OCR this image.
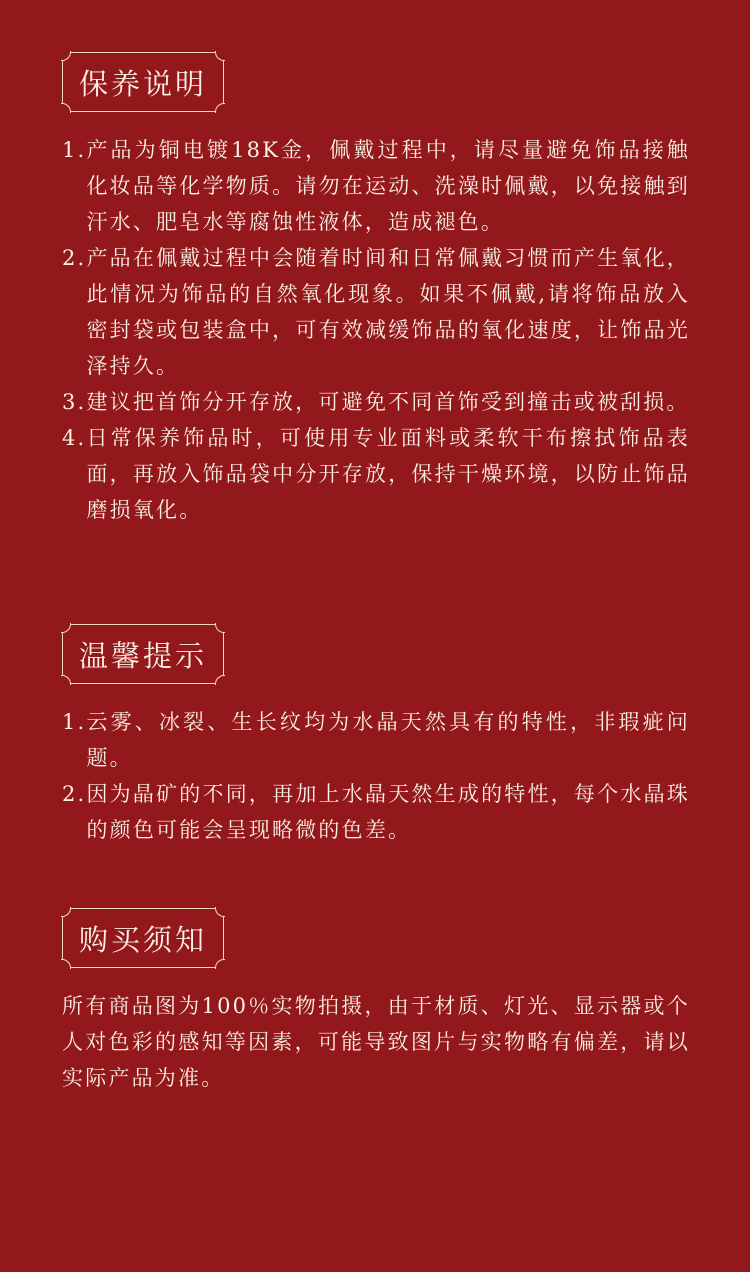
保养说明
1. 产品为铜电镀18K金，佩戴过程中，请尽量避免饰品接触化妆品等化学物质。请勿在运动、洗澡时佩戴，以免接触到汗水、肥皂水等腐蚀性液体，造成褪色。
2. 产品在佩戴过程中会随着时间和日常佩戴习惯而产生氧化，此情况为饰品的自然氧化现象。如果不佩戴,请将饰品放入密封袋或包装盒中，可有效减缓饰品的氧化速度，让饰品光泽持久。
3. 建议把首饰分开存放，可避免不同首饰受到撞击或被刮损。
4. 日常保养饰品时，可使用专业面料或柔软干布擦拭饰品表面，再放入饰品袋中分开存放，保持干燥环境，以防止饰品磨损氧化。
温馨提示
1. 云雾、冰裂、生长纹均为水晶天然具有的特性，非瑕疵问题。
2. 因为晶矿的不同，再加上水晶天然生成的特性，每个水晶珠的颜色可能会呈现略微的色差。
购买须知

所有商品图为100％实物拍摄，由于材质、灯光、显示器或个人对色彩的感知等因素，可能导致图片与实物略有偏差，请以实际产品为准。
